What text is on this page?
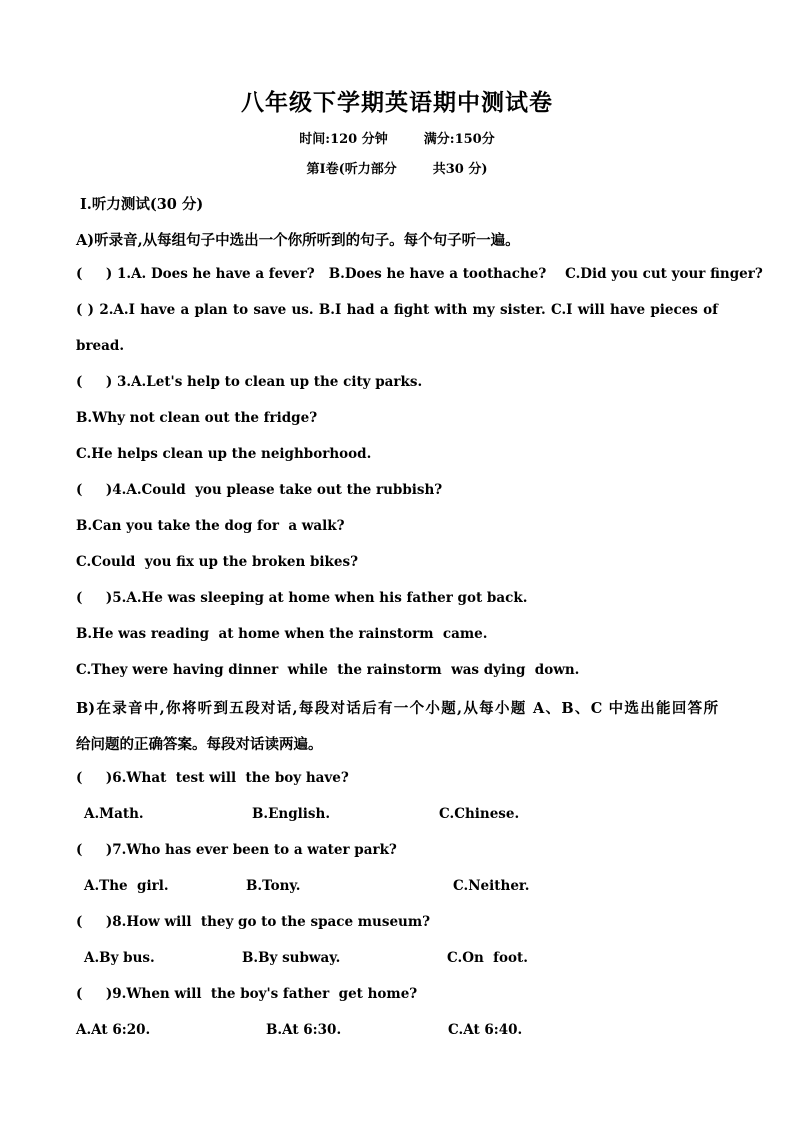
八年级下学期英语期中测试卷
时间:120 分钟	满分:150分
第Ⅰ卷(听力部分	共30 分)
Ⅰ.听力测试(30 分)
A)听录音,从每组句子中选出一个你所听到的句子。每个句子听一遍。
(     ) 1.A. Does he have a fever?   B.Does he have a toothache?    C.Did you cut your finger?
( ) 2.A.I have a plan to save us. B.I had a fight with my sister. C.I will have pieces of
bread.
(     ) 3.A.Let's help to clean up the city parks.
B.Why not clean out the fridge?
C.He helps clean up the neighborhood.
(     )4.A.Could  you please take out the rubbish?
B.Can you take the dog for  a walk?
C.Could  you fix up the broken bikes?
(     )5.A.He was sleeping at home when his father got back.
B.He was reading  at home when the rainstorm  came.
C.They were having dinner  while  the rainstorm  was dying  down.
B)在录音中,你将听到五段对话,每段对话后有一个小题,从每小题 A、B、C 中选出能回答所
给问题的正确答案。每段对话读两遍。
(     )6.What  test will  the boy have?
A.Math.	B.English.	C.Chinese.
(     )7.Who has ever been to a water park?
A.The  girl.	B.Tony.	C.Neither.
(     )8.How will  they go to the space museum?
A.By bus.	B.By subway.	C.On  foot.
(     )9.When will  the boy's father  get home?
A.At 6:20.	B.At 6:30.	C.At 6:40.
